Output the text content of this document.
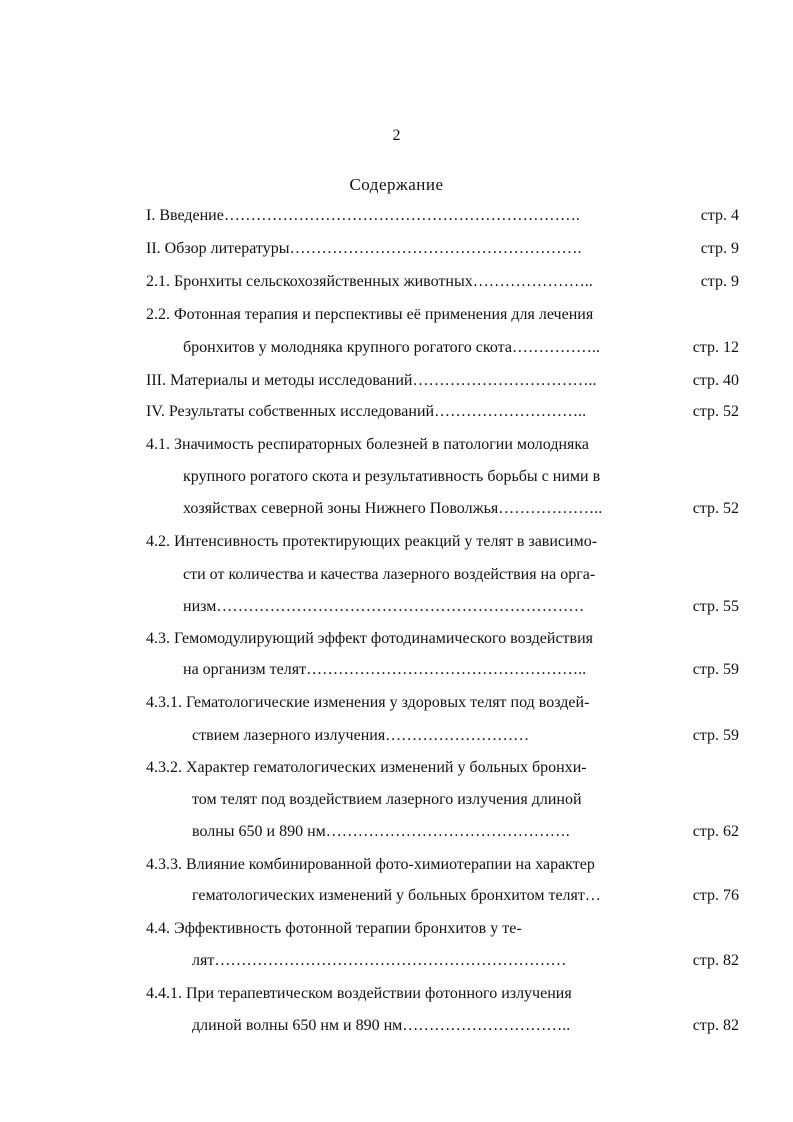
2
Содержание
I. Введение………………………………………………………….	стр. 4
II. Обзор литературы……………………………………………….	стр. 9
2.1. Бронхиты сельскохозяйственных животных…………………..	стр. 9
2.2. Фотонная терапия и перспективы её применения для лечения
бронхитов у молодняка крупного рогатого скота……………..	стр. 12
III. Материалы и методы исследований……………………………..	стр. 40
IV. Результаты собственных исследований………………………..	стр. 52
4.1. Значимость респираторных болезней в патологии молодняка
крупного рогатого скота и результативность борьбы с ними в
хозяйствах северной зоны Нижнего Поволжья………………..	стр. 52
4.2. Интенсивность протектирующих реакций у телят в зависимо-
сти от количества и качества лазерного воздействия на орга-
низм……………………………………………………………	стр. 55
4.3. Гемомодулирующий эффект фотодинамического воздействия
на организм телят……………………………………………..	стр. 59
4.3.1. Гематологические изменения у здоровых телят под воздей-
ствием лазерного излучения………………………	стр. 59
4.3.2. Характер гематологических изменений у больных бронхи-
том телят под воздействием лазерного излучения длиной
волны 650 и 890 нм……………………………………….	стр. 62
4.3.3. Влияние комбинированной фото-химиотерапии на характер
гематологических изменений у больных бронхитом телят…	стр. 76
4.4. Эффективность фотонной терапии бронхитов у те-
лят…………………………………………………………	стр. 82
4.4.1. При терапевтическом воздействии фотонного излучения
длиной волны 650 нм и 890 нм…………………………..	стр. 82
